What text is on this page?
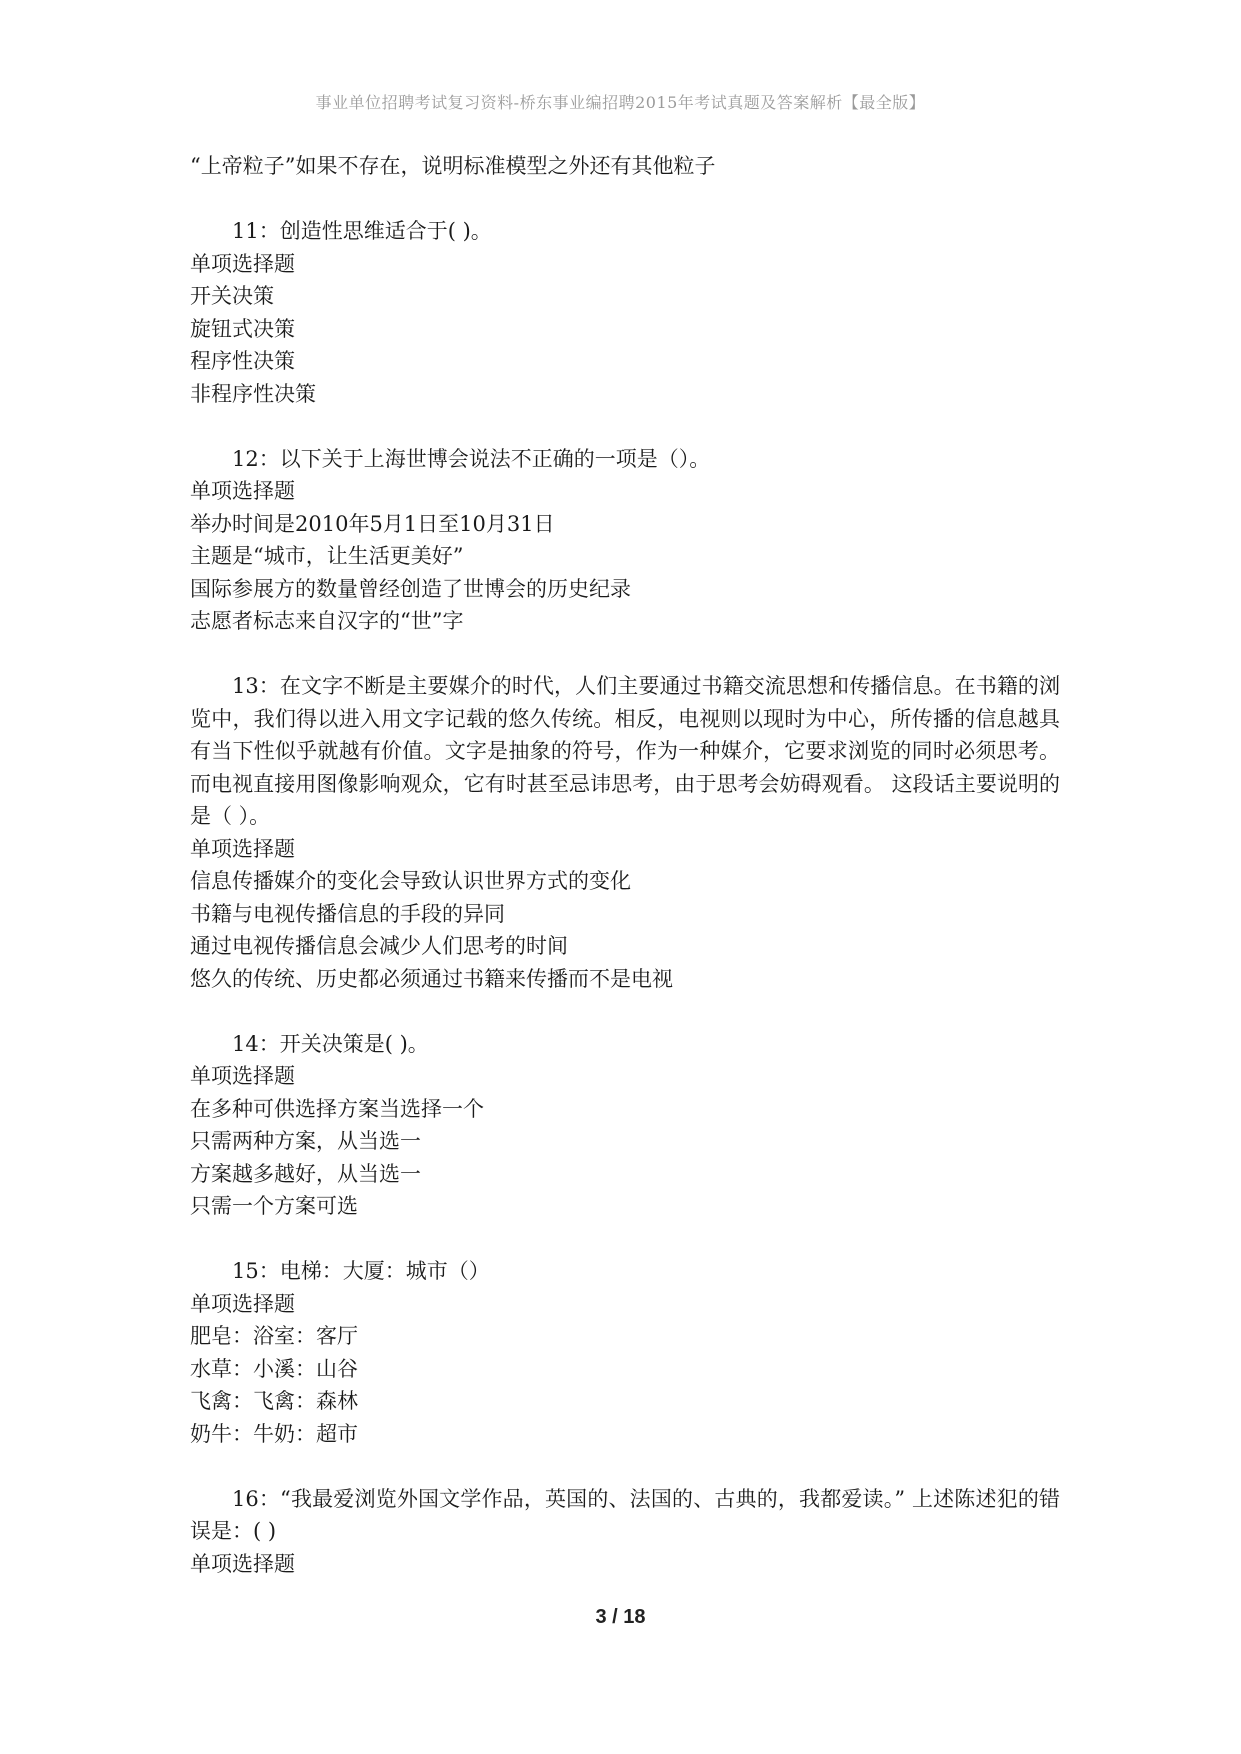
事业单位招聘考试复习资料-桥东事业编招聘2015年考试真题及答案解析【最全版】

“上帝粒子”如果不存在，说明标准模型之外还有其他粒子

11：创造性思维适合于( )。

单项选择题

开关决策

旋钮式决策

程序性决策

非程序性决策

12：以下关于上海世博会说法不正确的一项是（）。

单项选择题

举办时间是2010年5月1日至10月31日

主题是“城市，让生活更美好”

国际参展方的数量曾经创造了世博会的历史纪录

志愿者标志来自汉字的“世”字

13：在文字不断是主要媒介的时代，人们主要通过书籍交流思想和传播信息。在书籍的浏览中，我们得以进入用文字记载的悠久传统。相反，电视则以现时为中心，所传播的信息越具有当下性似乎就越有价值。文字是抽象的符号，作为一种媒介，它要求浏览的同时必须思考。而电视直接用图像影响观众，它有时甚至忌讳思考，由于思考会妨碍观看。 这段话主要说明的是（ ）。

单项选择题

信息传播媒介的变化会导致认识世界方式的变化

书籍与电视传播信息的手段的异同

通过电视传播信息会减少人们思考的时间

悠久的传统、历史都必须通过书籍来传播而不是电视

14：开关决策是( )。

单项选择题

在多种可供选择方案当选择一个

只需两种方案，从当选一

方案越多越好，从当选一

只需一个方案可选

15：电梯：大厦：城市（）

单项选择题

肥皂：浴室：客厅

水草：小溪：山谷

飞禽：飞禽：森林

奶牛：牛奶：超市

16：“我最爱浏览外国文学作品，英国的、法国的、古典的，我都爱读。” 上述陈述犯的错误是：( )

单项选择题

3 / 18
